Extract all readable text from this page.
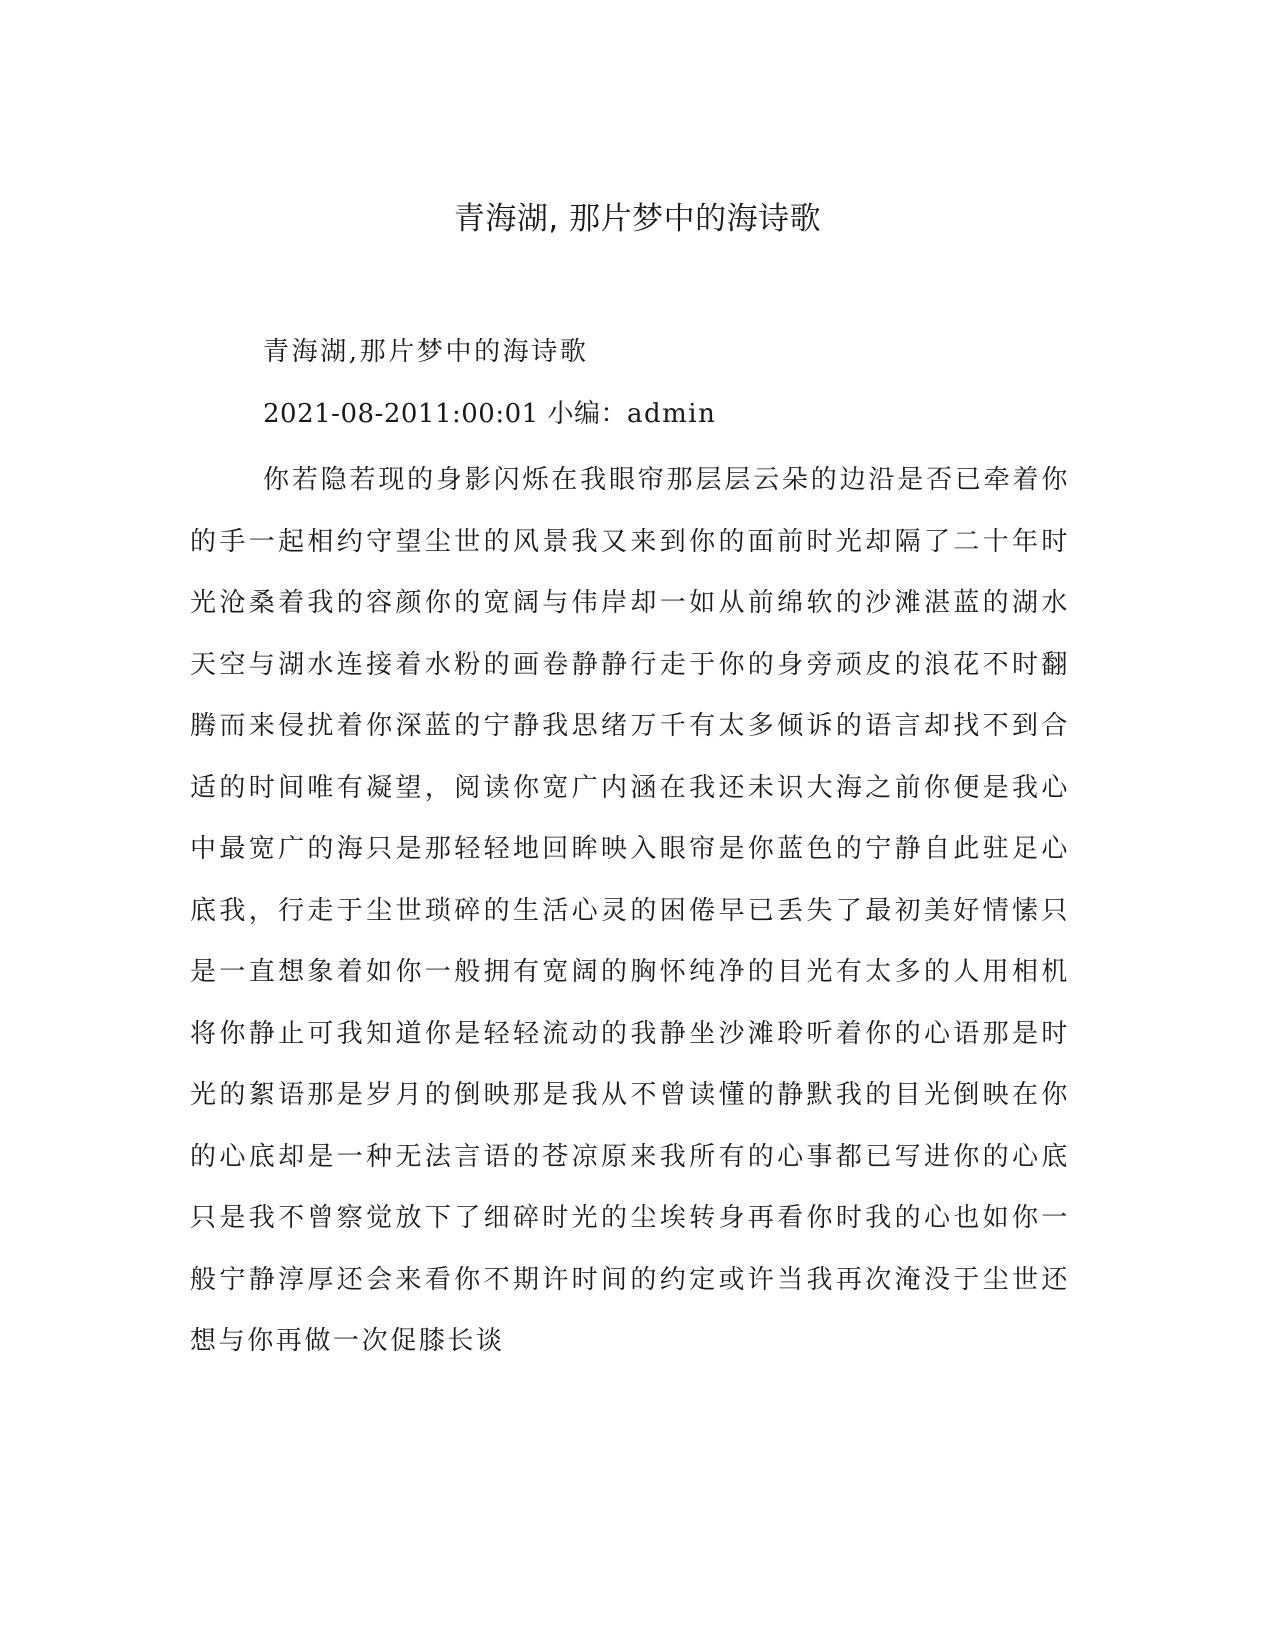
青海湖, 那片梦中的海诗歌

青海湖,那片梦中的海诗歌

2021-08-2011:00:01 小编：admin

你若隐若现的身影闪烁在我眼帘那层层云朵的边沿是否已牵着你的手一起相约守望尘世的风景我又来到你的面前时光却隔了二十年时光沧桑着我的容颜你的宽阔与伟岸却一如从前绵软的沙滩湛蓝的湖水天空与湖水连接着水粉的画卷静静行走于你的身旁顽皮的浪花不时翻腾而来侵扰着你深蓝的宁静我思绪万千有太多倾诉的语言却找不到合适的时间唯有凝望，阅读你宽广内涵在我还未识大海之前你便是我心中最宽广的海只是那轻轻地回眸映入眼帘是你蓝色的宁静自此驻足心底我，行走于尘世琐碎的生活心灵的困倦早已丢失了最初美好情愫只是一直想象着如你一般拥有宽阔的胸怀纯净的目光有太多的人用相机将你静止可我知道你是轻轻流动的我静坐沙滩聆听着你的心语那是时光的絮语那是岁月的倒映那是我从不曾读懂的静默我的目光倒映在你的心底却是一种无法言语的苍凉原来我所有的心事都已写进你的心底只是我不曾察觉放下了细碎时光的尘埃转身再看你时我的心也如你一般宁静淳厚还会来看你不期许时间的约定或许当我再次淹没于尘世还想与你再做一次促膝长谈
